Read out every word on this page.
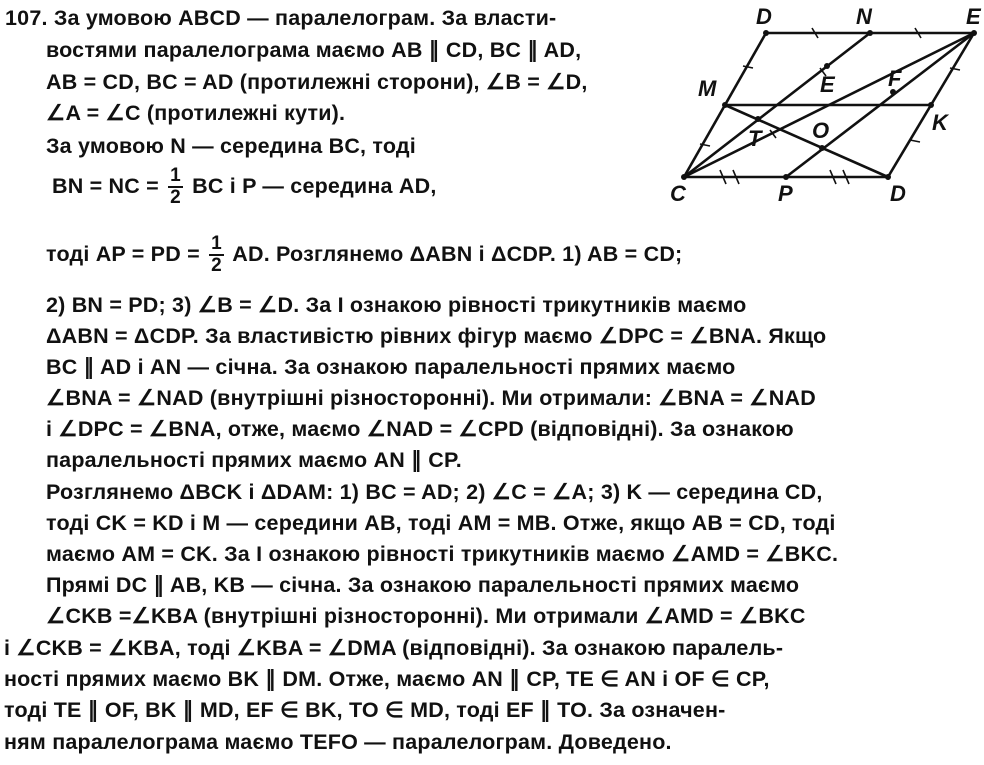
107. За умовою ABCD — паралелограм. За власти-
востями паралелограма маємо AB ∥ CD, BC ∥ AD,
AB = CD, BC = AD (протилежні сторони), ∠B = ∠D,
∠A = ∠C (протилежні кути).
За умовою N — середина BC, тоді
BN = NC = $\frac{1}{2}$ BC і P — середина AD,
тоді AP = PD = $\frac{1}{2}$ AD. Розглянемо ΔABN і ΔCDP. 1) AB = CD;
2) BN = PD; 3) ∠B = ∠D. За I ознакою рівності трикутників маємо
ΔABN = ΔCDP. За властивістю рівних фігур маємо ∠DPC = ∠BNA. Якщо
BC ∥ AD і AN — січна. За ознакою паралельності прямих маємо
∠BNA = ∠NAD (внутрішні різносторонні). Ми отримали: ∠BNA = ∠NAD
і ∠DPC = ∠BNA, отже, маємо ∠NAD = ∠CPD (відповідні). За ознакою
паралельності прямих маємо AN ∥ CP.
Розглянемо ΔBCK і ΔDAM: 1) BC = AD; 2) ∠C = ∠A; 3) K — середина CD,
тоді CK = KD і M — середини AB, тоді AM = MB. Отже, якщо AB = CD, тоді
маємо AM = CK. За I ознакою рівності трикутників маємо ∠AMD = ∠BKC.
Прямі DC ∥ AB, KB — січна. За ознакою паралельності прямих маємо
∠CKB =∠KBA (внутрішні різносторонні). Ми отримали ∠AMD = ∠BKC
і ∠CKB = ∠KBA, тоді ∠KBA = ∠DMA (відповідні). За ознакою паралель-
ності прямих маємо BK ∥ DM. Отже, маємо AN ∥ CP, TE ∈ AN і OF ∈ CP,
тоді TE ∥ OF, BK ∥ MD, EF ∈ BK, TO ∈ MD, тоді EF ∥ TO. За означен-
ням паралелограма маємо TEFO — паралелограм. Доведено.
D	N	E
M	E F
K
T O
C	P	D
